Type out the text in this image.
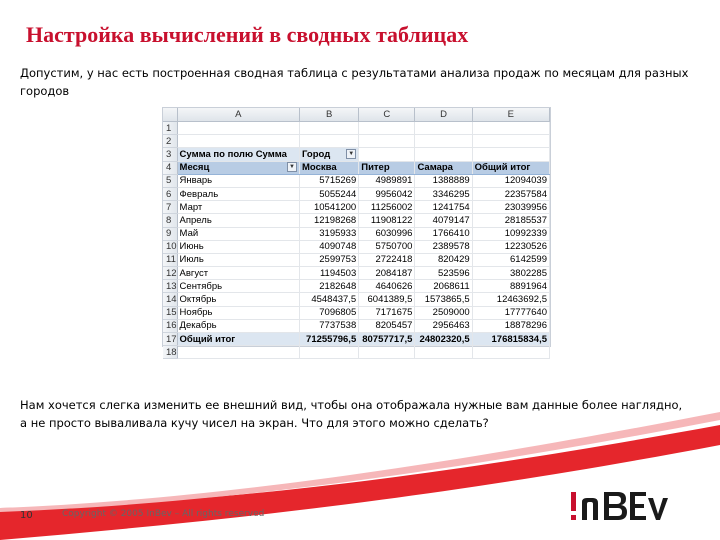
Настройка вычислений в сводных таблицах
Допустим, у нас есть построенная сводная таблица с результатами анализа продаж по месяцам для разных городов
	A	B	C	D	E
1					
2					
3	Сумма по полю Сумма	Город ▼			

4	Месяц ▼	Москва	Питер	Самара	Общий итог
5	Январь	5715269	4989891	1388889	12094039
6	Февраль	5055244	9956042	3346295	22357584
7	Март	10541200	11256002	1241754	23039956
8	Апрель	12198268	11908122	4079147	28185537
9	Май	3195933	6030996	1766410	10992339
10	Июнь	4090748	5750700	2389578	12230526
11	Июль	2599753	2722418	820429	6142599
12	Август	1194503	2084187	523596	3802285
13	Сентябрь	2182648	4640626	2068611	8891964
14	Октябрь	4548437,5	6041389,5	1573865,5	12463692,5
15	Ноябрь	7096805	7171675	2509000	17777640
16	Декабрь	7737538	8205457	2956463	18878296
17	Общий итог	71255796,5	80757717,5	24802320,5	176815834,5
18					
Нам хочется слегка изменить ее внешний вид, чтобы она отображала нужные вам данные более наглядно, а не просто вываливала кучу чисел на экран. Что для этого можно сделать?
10	Copyright © 2005 InBev – All rights reserved
